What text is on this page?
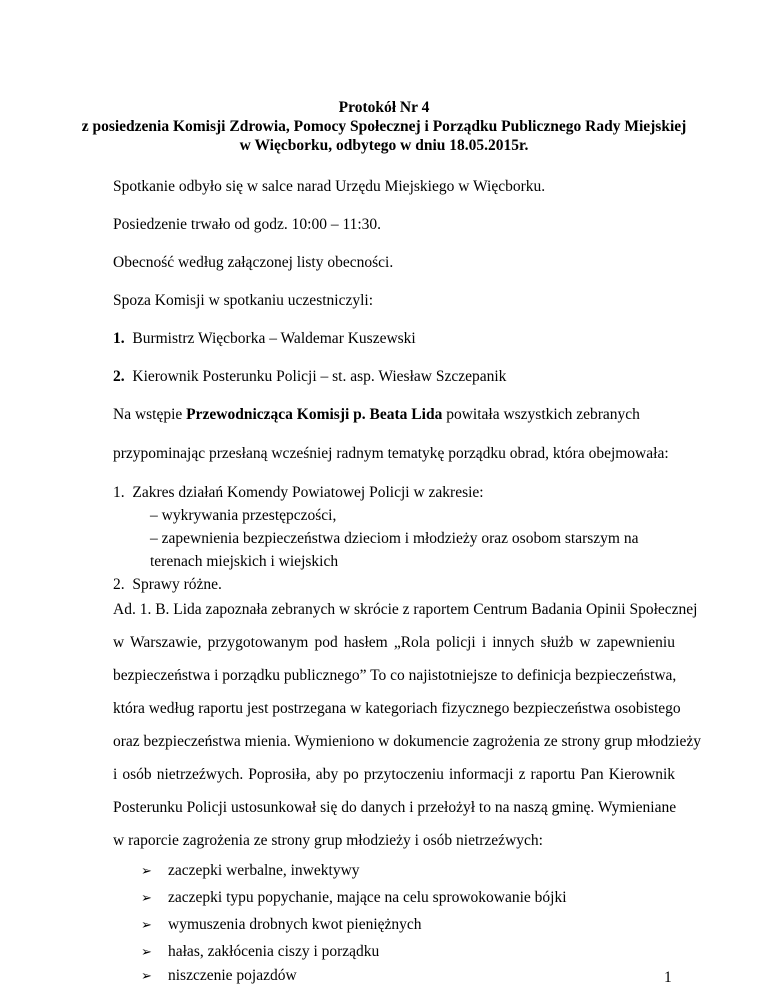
Protokół Nr 4
z posiedzenia Komisji Zdrowia, Pomocy Społecznej i Porządku Publicznego Rady Miejskiej
w Więcborku, odbytego w dniu 18.05.2015r.
Spotkanie odbyło się w salce narad Urzędu Miejskiego w Więcborku.
Posiedzenie trwało od godz. 10:00 – 11:30.
Obecność według załączonej listy obecności.
Spoza Komisji w spotkaniu uczestniczyli:
1. Burmistrz Więcborka – Waldemar Kuszewski
2. Kierownik Posterunku Policji – st. asp. Wiesław Szczepanik
Na wstępie Przewodnicząca Komisji p. Beata Lida powitała wszystkich zebranych
przypominając przesłaną wcześniej radnym tematykę porządku obrad, która obejmowała:
1. Zakres działań Komendy Powiatowej Policji w zakresie:
– wykrywania przestępczości,
– zapewnienia bezpieczeństwa dzieciom i młodzieży oraz osobom starszym na
terenach miejskich i wiejskich
2. Sprawy różne.
Ad. 1. B. Lida zapoznała zebranych w skrócie z raportem Centrum Badania Opinii Społecznej
w Warszawie, przygotowanym pod hasłem „Rola policji i innych służb w zapewnieniu
bezpieczeństwa i porządku publicznego” To co najistotniejsze to definicja bezpieczeństwa,
która według raportu jest postrzegana w kategoriach fizycznego bezpieczeństwa osobistego
oraz bezpieczeństwa mienia. Wymieniono w dokumencie zagrożenia ze strony grup młodzieży
i osób nietrzeźwych. Poprosiła, aby po przytoczeniu informacji z raportu Pan Kierownik
Posterunku Policji ustosunkował się do danych i przełożył to na naszą gminę. Wymieniane
w raporcie zagrożenia ze strony grup młodzieży i osób nietrzeźwych:
➢ zaczepki werbalne, inwektywy
➢ zaczepki typu popychanie, mające na celu sprowokowanie bójki
➢ wymuszenia drobnych kwot pieniężnych
➢ hałas, zakłócenia ciszy i porządku
1
➢ niszczenie pojazdów
